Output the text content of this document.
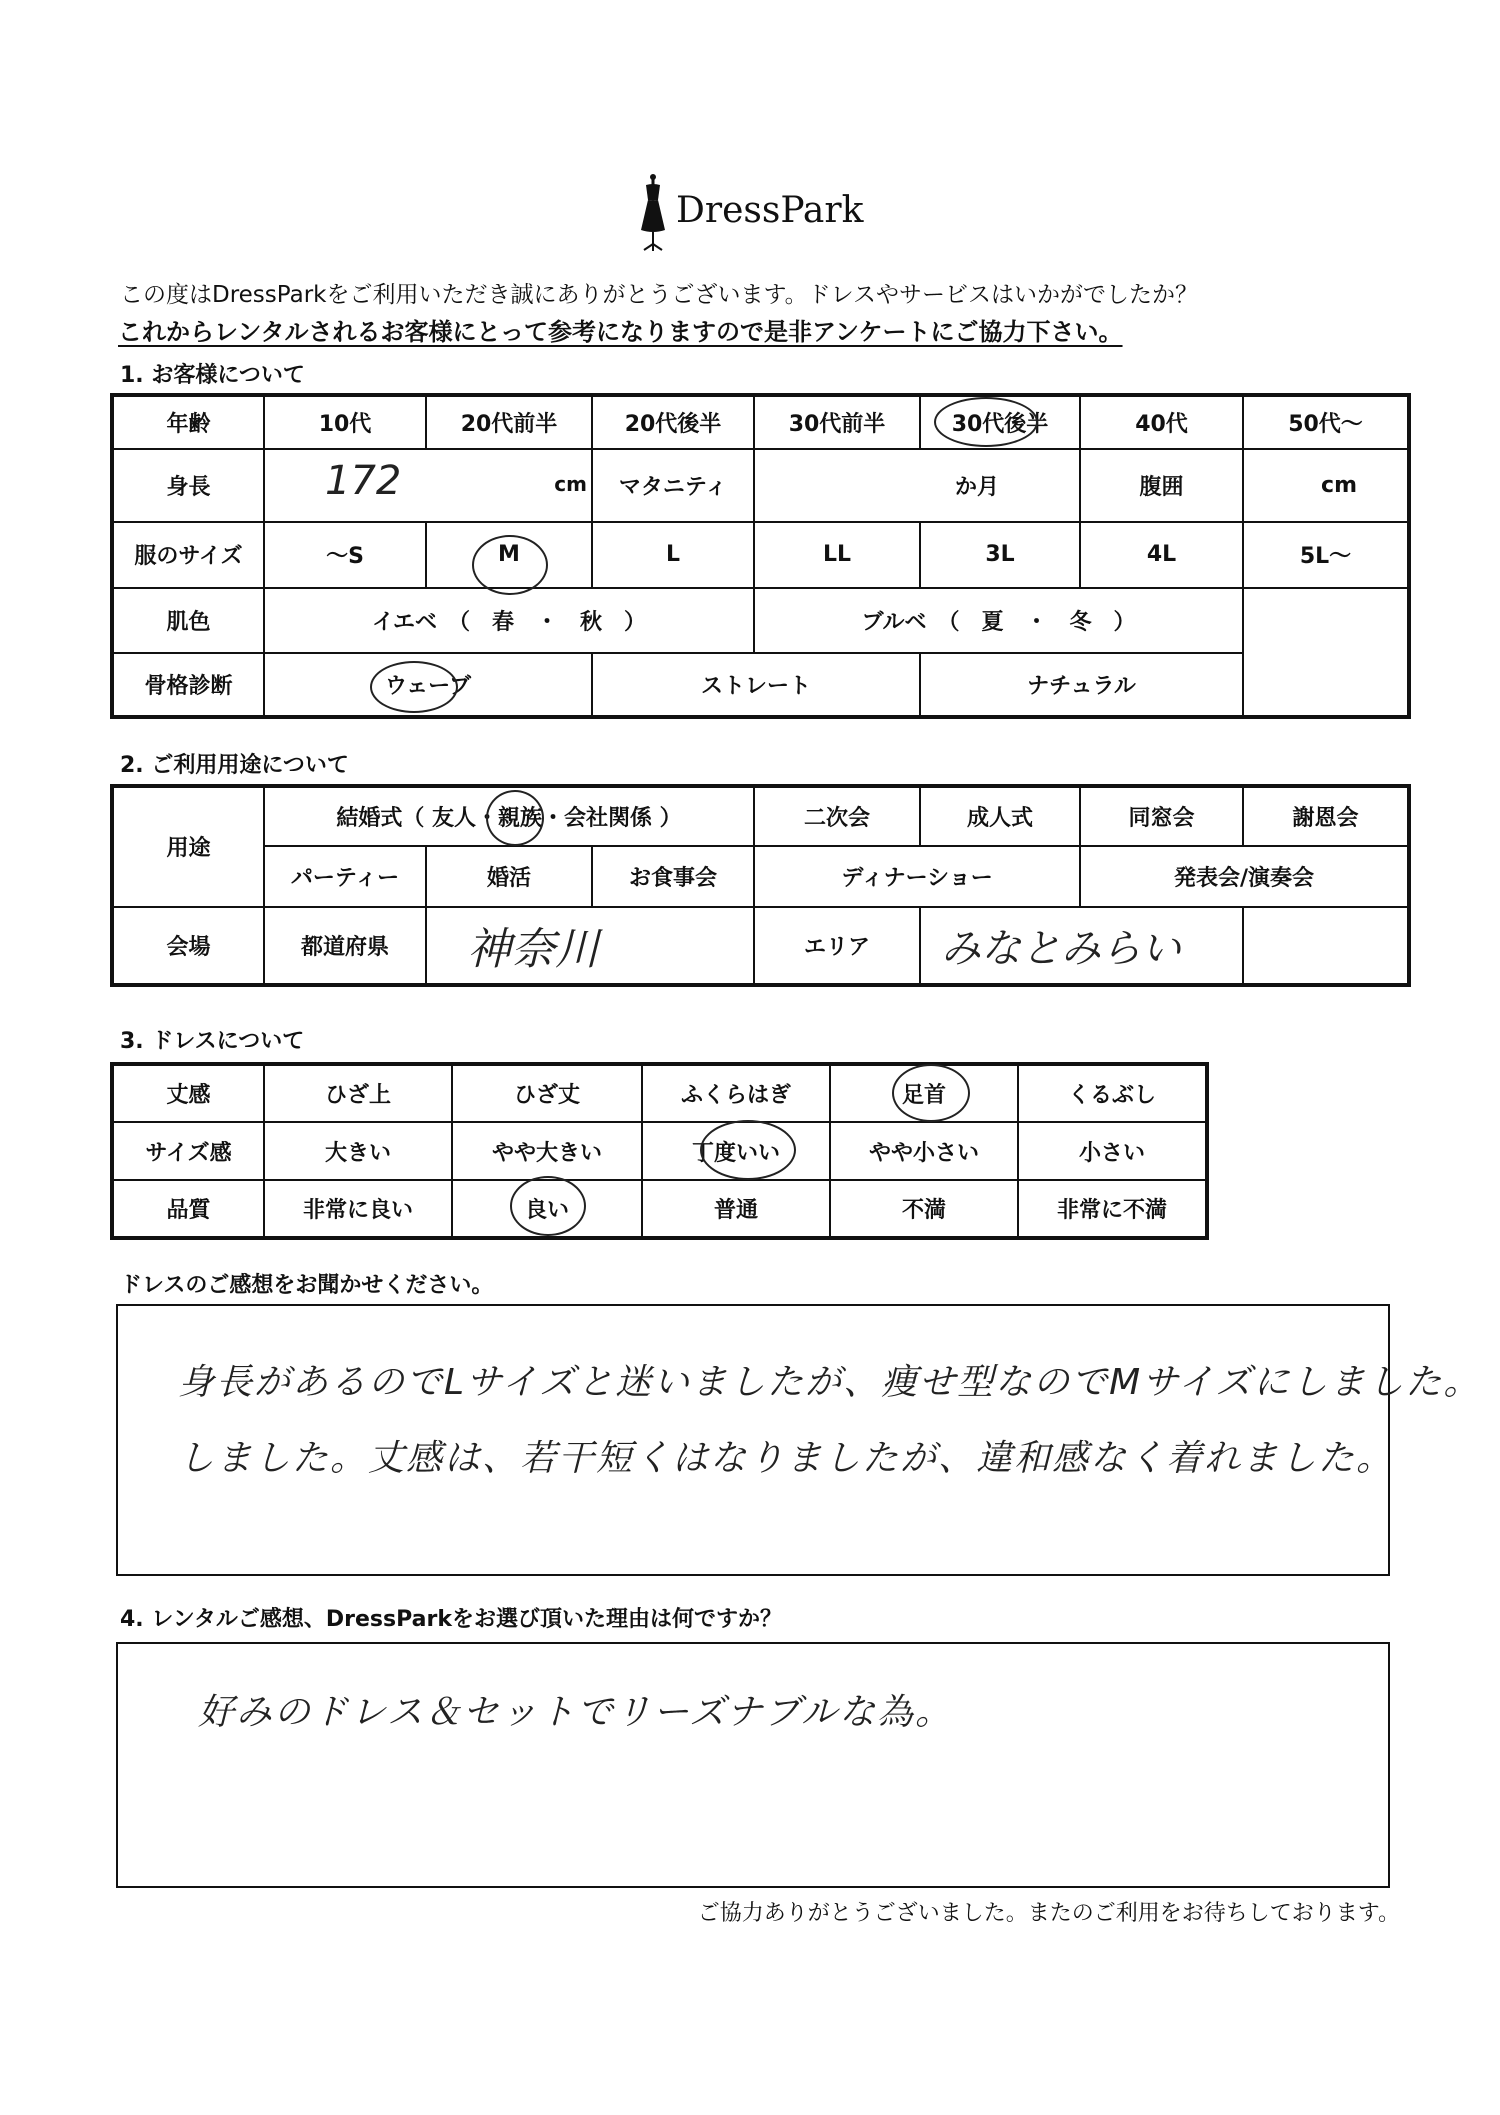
DressPark
この度はDressParkをご利用いただき誠にありがとうございます。ドレスやサービスはいかがでしたか？
これからレンタルされるお客様にとって参考になりますので是非アンケートにご協力下さい。
1. お客様について
年齢	10代	20代前半	20代後半	30代前半	30代後半	40代	50代～
身長	172 cm		マタニティ	か月		腹囲	cm
服のサイズ	～S	M	L	LL	3L	4L	5L～
肌色	イエベ　（　春　・　秋　）			ブルベ　（　夏　・　冬　）			
骨格診断	ウェーブ		ストレート		ナチュラル		
2. ご利用用途について
用途	結婚式（ 友人・親族・会社関係 ）			二次会	成人式	同窓会	謝恩会
	パーティー	婚活	お食事会	ディナーショー		発表会/演奏会	
会場	都道府県	神奈川		エリア	みなとみらい		
3. ドレスについて
丈感	ひざ上	ひざ丈	ふくらはぎ	足首	くるぶし
サイズ感	大きい	やや大きい	丁度いい	やや小さい	小さい
品質	非常に良い	良い	普通	不満	非常に不満
ドレスのご感想をお聞かせください。
身長があるのでLサイズと迷いましたが、痩せ型なのでMサイズにしました。
しました。丈感は、若干短くはなりましたが、違和感なく着れました。
4. レンタルご感想、DressParkをお選び頂いた理由は何ですか？
好みのドレス＆セットでリーズナブルな為。
ご協力ありがとうございました。またのご利用をお待ちしております。
